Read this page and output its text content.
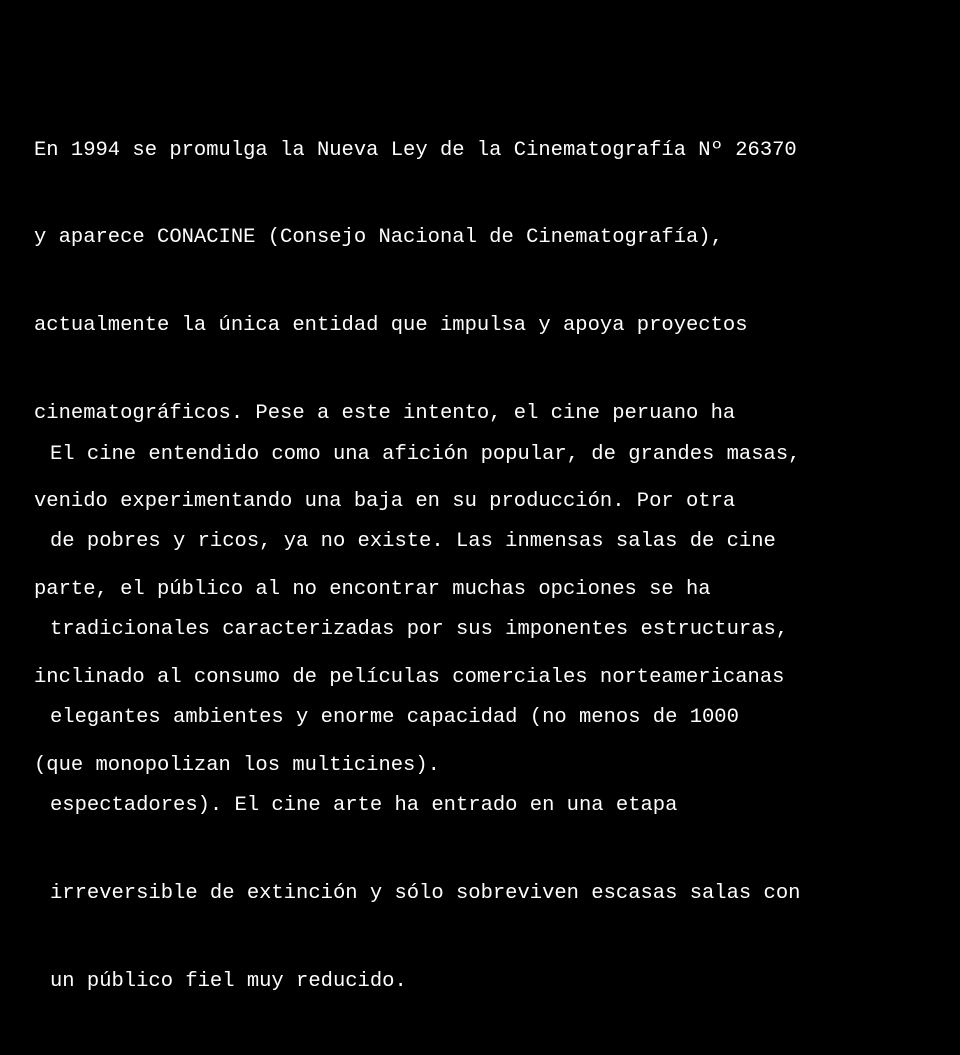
En 1994 se promulga la Nueva Ley de la Cinematografía Nº 26370

y aparece CONACINE (Consejo Nacional de Cinematografía),

actualmente la única entidad que impulsa y apoya proyectos

cinematográficos. Pese a este intento, el cine peruano ha

venido experimentando una baja en su producción. Por otra

parte, el público al no encontrar muchas opciones se ha

inclinado al consumo de películas comerciales norteamericanas

(que monopolizan los multicines).

El cine entendido como una afición popular, de grandes masas,

de pobres y ricos, ya no existe. Las inmensas salas de cine

tradicionales caracterizadas por sus imponentes estructuras,

elegantes ambientes y enorme capacidad (no menos de 1000

espectadores). El cine arte ha entrado en una etapa

irreversible de extinción y sólo sobreviven escasas salas con

un público fiel muy reducido.
